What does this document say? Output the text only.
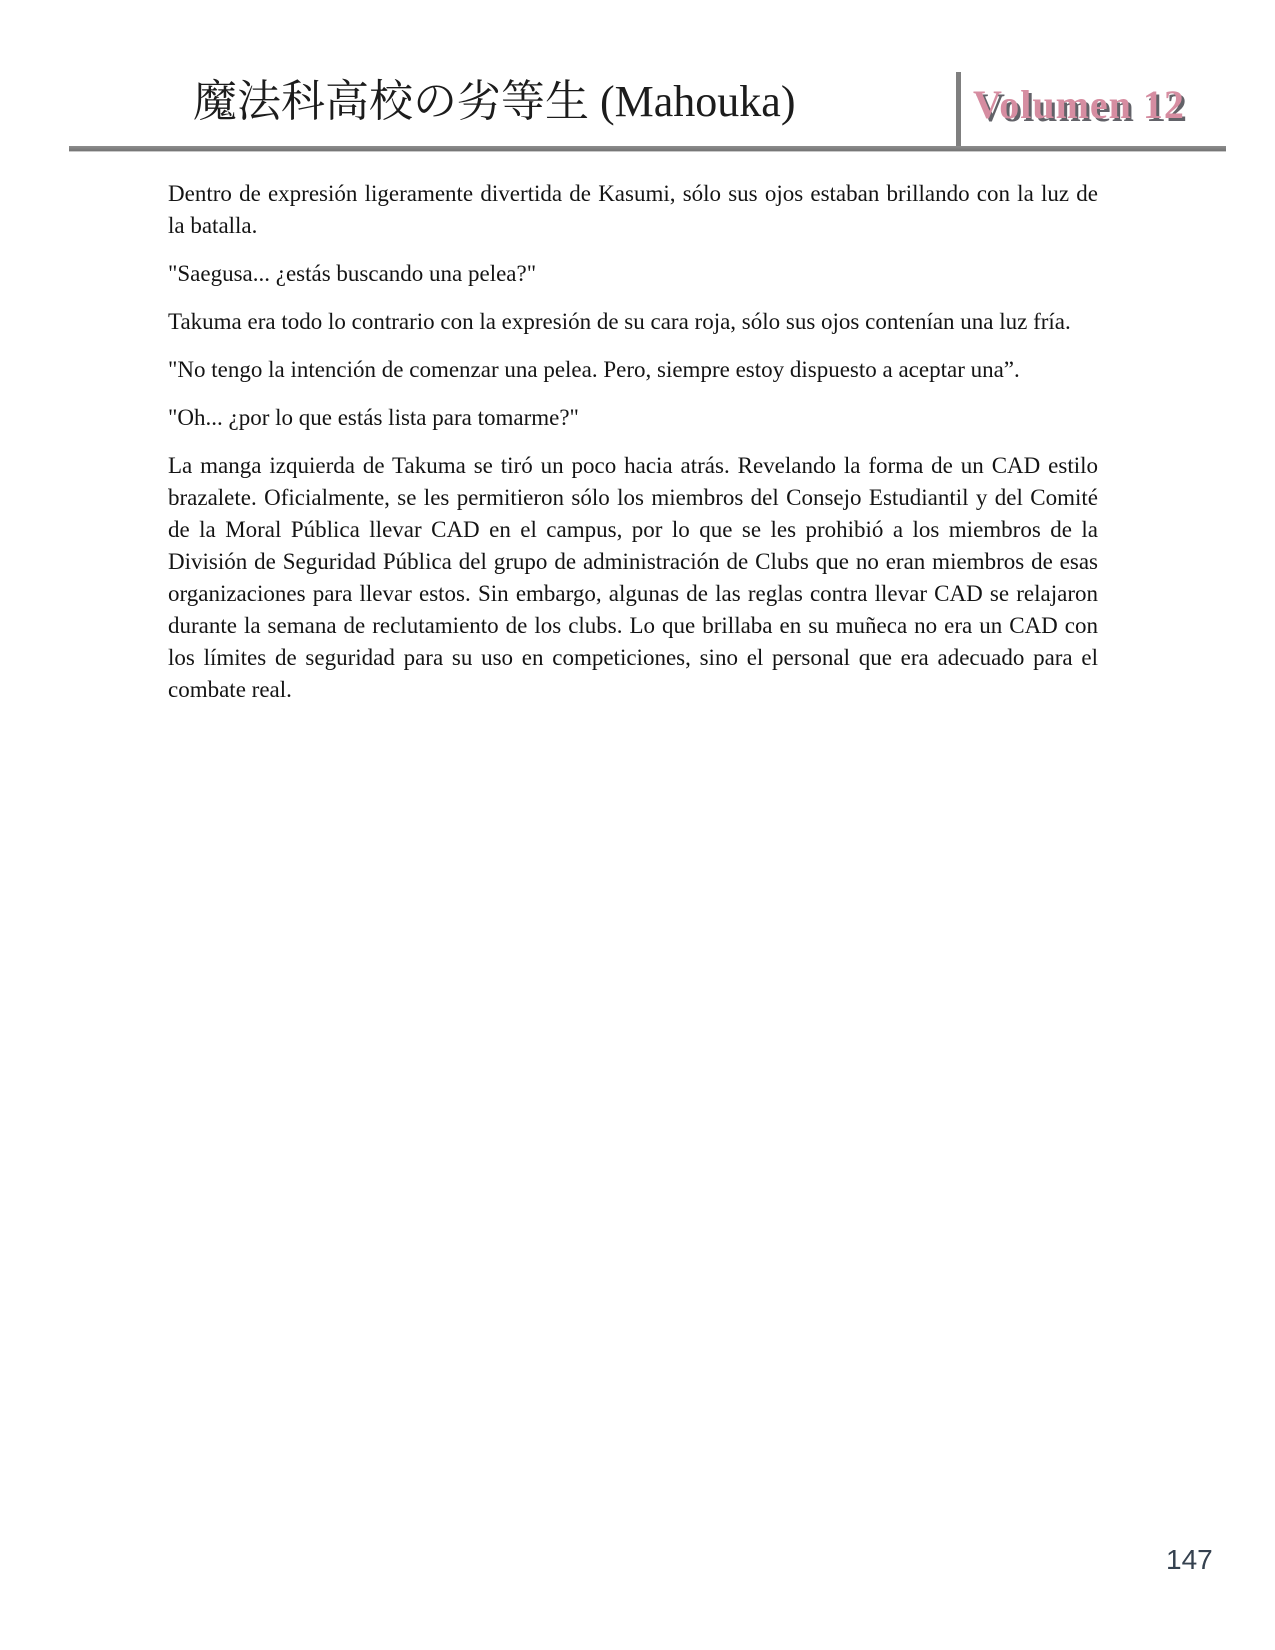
魔法科高校の劣等生 (Mahouka)	Volumen 12

Dentro de expresión ligeramente divertida de Kasumi, sólo sus ojos estaban brillando con la luz de la batalla.

"Saegusa... ¿estás buscando una pelea?"

Takuma era todo lo contrario con la expresión de su cara roja, sólo sus ojos contenían una luz fría.

"No tengo la intención de comenzar una pelea. Pero, siempre estoy dispuesto a aceptar una”.

"Oh... ¿por lo que estás lista para tomarme?"

La manga izquierda de Takuma se tiró un poco hacia atrás. Revelando la forma de un CAD estilo brazalete. Oficialmente, se les permitieron sólo los miembros del Consejo Estudiantil y del Comité de la Moral Pública llevar CAD en el campus, por lo que se les prohibió a los miembros de la División de Seguridad Pública del grupo de administración de Clubs que no eran miembros de esas organizaciones para llevar estos. Sin embargo, algunas de las reglas contra llevar CAD se relajaron durante la semana de reclutamiento de los clubs. Lo que brillaba en su muñeca no era un CAD con los límites de seguridad para su uso en competiciones, sino el personal que era adecuado para el combate real.

147
